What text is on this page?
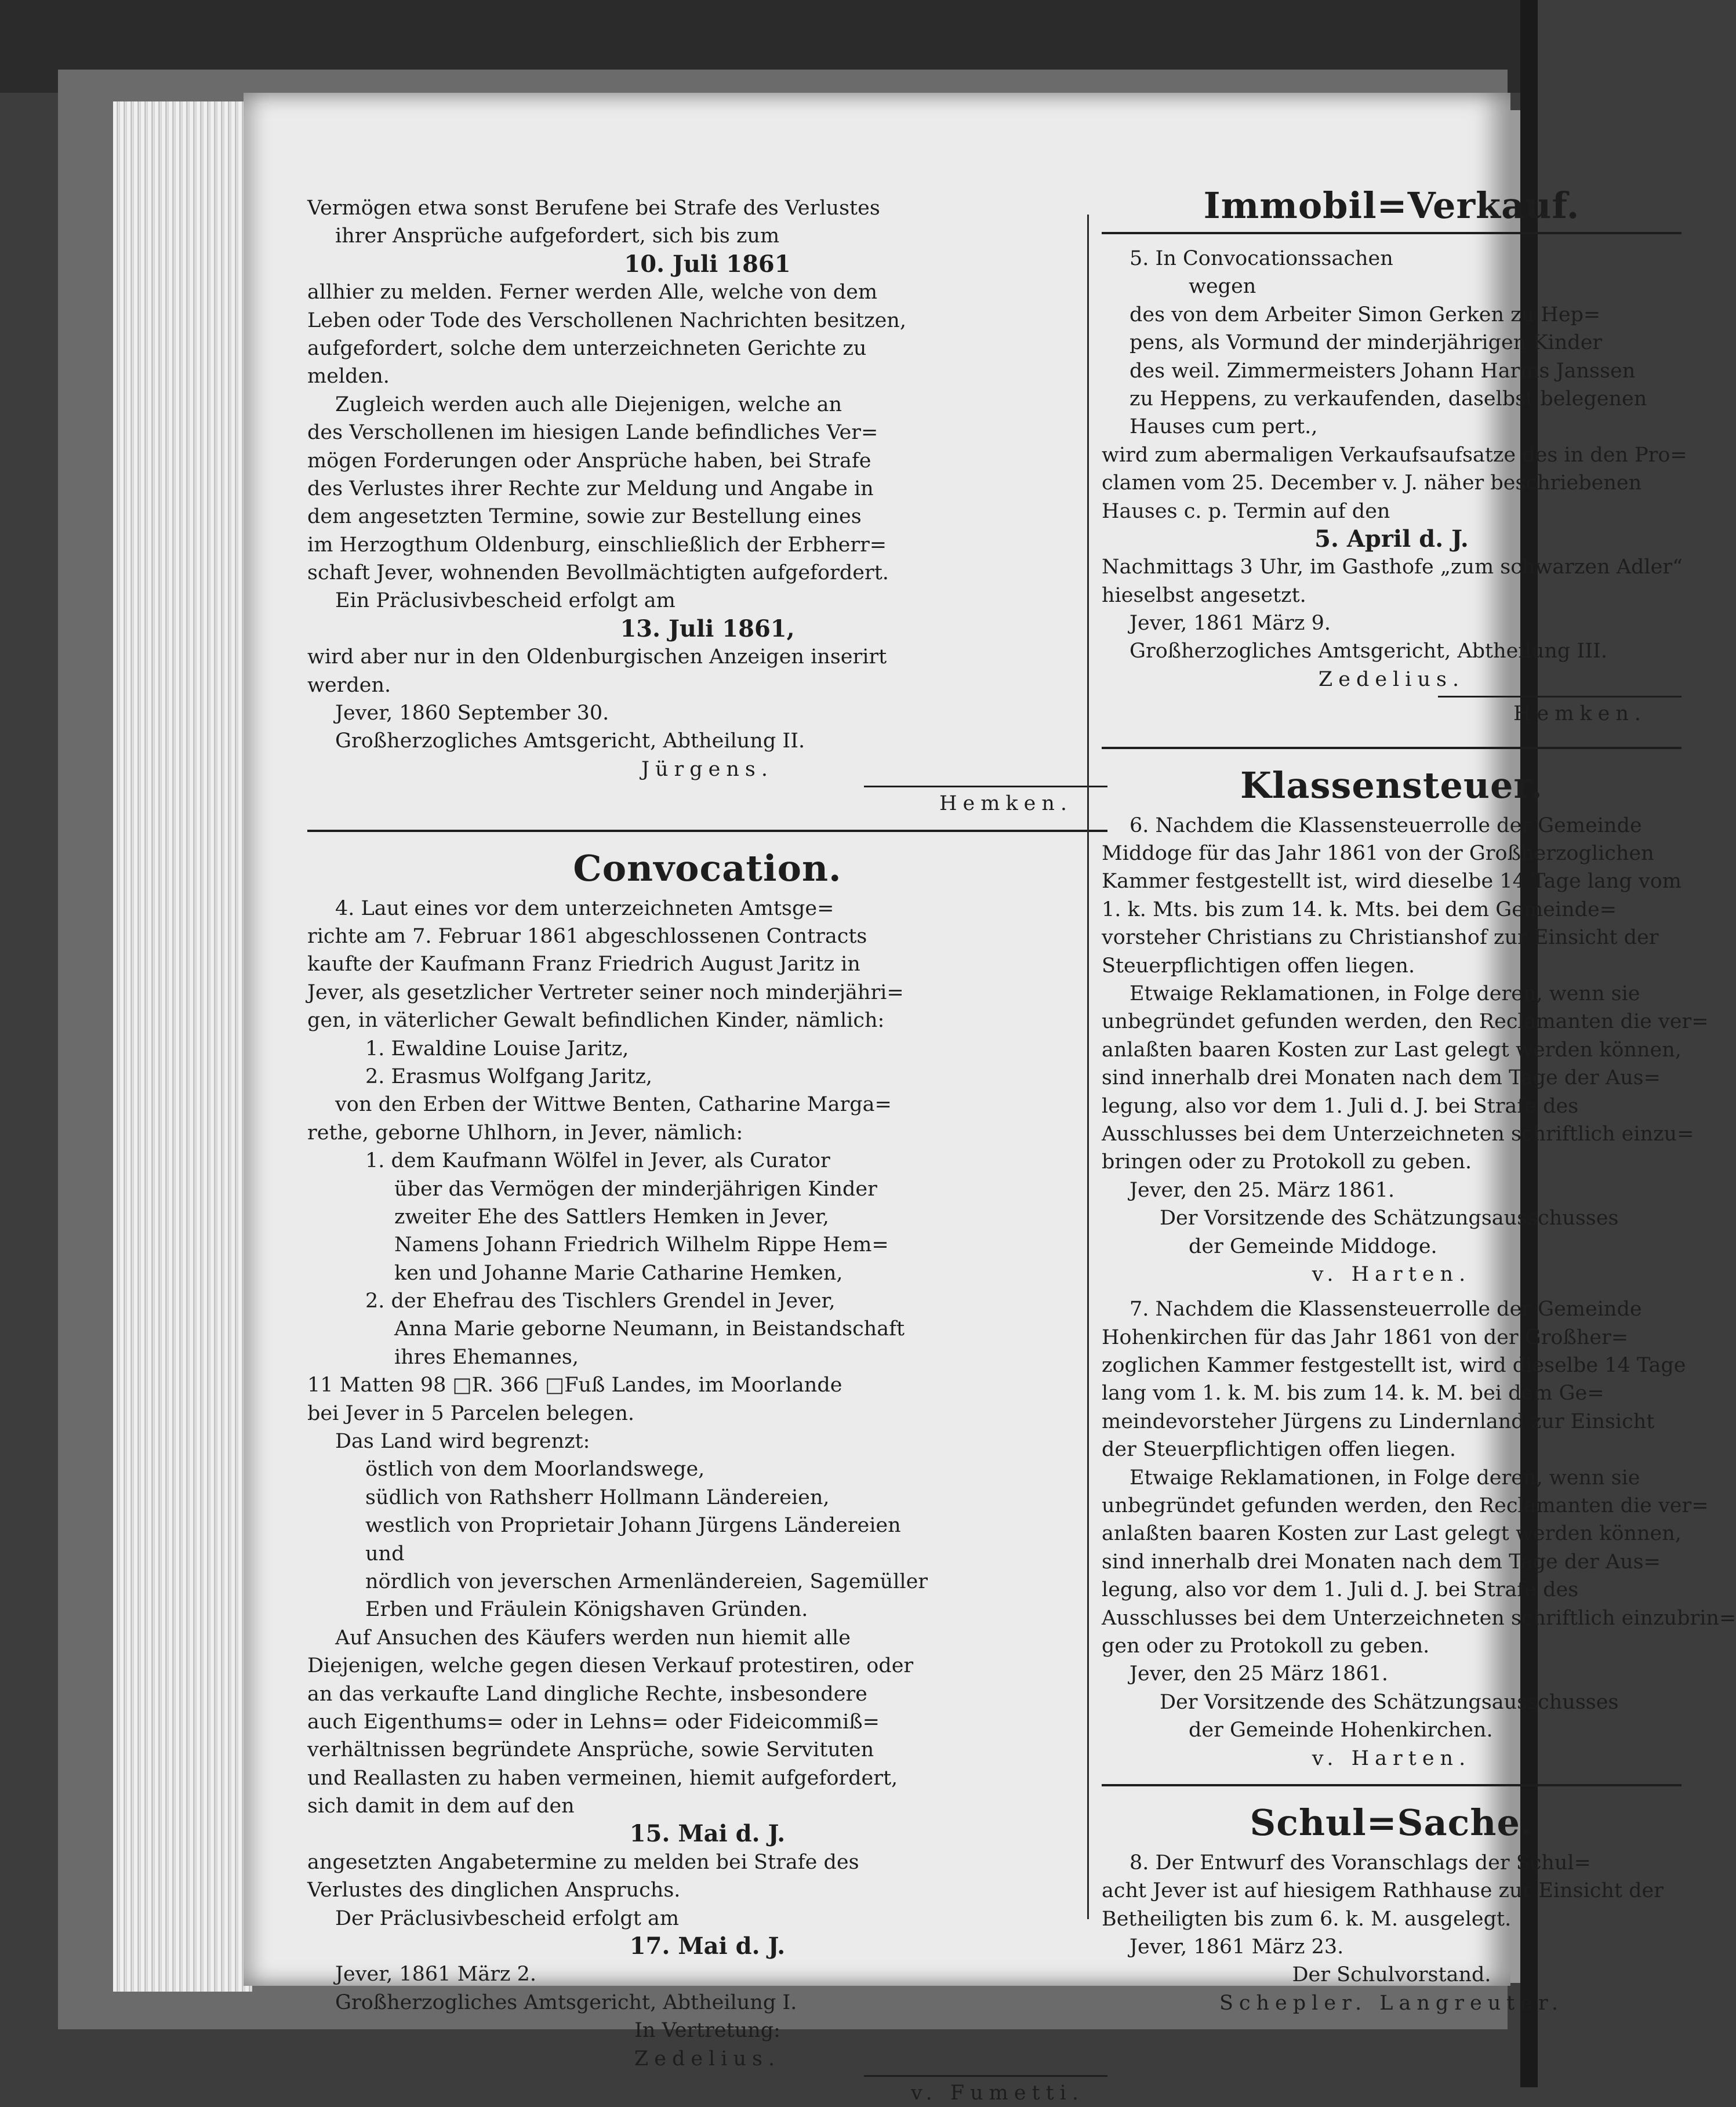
Vermögen etwa sonst Berufene bei Strafe des Verlustes
ihrer Ansprüche aufgefordert, sich bis zum
10. Juli 1861
allhier zu melden. Ferner werden Alle, welche von dem
Leben oder Tode des Verschollenen Nachrichten besitzen,
aufgefordert, solche dem unterzeichneten Gerichte zu
melden.
Zugleich werden auch alle Diejenigen, welche an
des Verschollenen im hiesigen Lande befindliches Ver=
mögen Forderungen oder Ansprüche haben, bei Strafe
des Verlustes ihrer Rechte zur Meldung und Angabe in
dem angesetzten Termine, sowie zur Bestellung eines
im Herzogthum Oldenburg, einschließlich der Erbherr=
schaft Jever, wohnenden Bevollmächtigten aufgefordert.
Ein Präclusivbescheid erfolgt am
13. Juli 1861,
wird aber nur in den Oldenburgischen Anzeigen inserirt
werden.
Jever, 1860 September 30.
Großherzogliches Amtsgericht, Abtheilung II.
Jürgens.
Hemken.
Convocation.
4. Laut eines vor dem unterzeichneten Amtsge=
richte am 7. Februar 1861 abgeschlossenen Contracts
kaufte der Kaufmann Franz Friedrich August Jaritz in
Jever, als gesetzlicher Vertreter seiner noch minderjähri=
gen, in väterlicher Gewalt befindlichen Kinder, nämlich:
1. Ewaldine Louise Jaritz,
2. Erasmus Wolfgang Jaritz,
von den Erben der Wittwe Benten, Catharine Marga=
rethe, geborne Uhlhorn, in Jever, nämlich:
1. dem Kaufmann Wölfel in Jever, als Curator
über das Vermögen der minderjährigen Kinder
zweiter Ehe des Sattlers Hemken in Jever,
Namens Johann Friedrich Wilhelm Rippe Hem=
ken und Johanne Marie Catharine Hemken,
2. der Ehefrau des Tischlers Grendel in Jever,
Anna Marie geborne Neumann, in Beistandschaft
ihres Ehemannes,
11 Matten 98 □R. 366 □Fuß Landes, im Moorlande
bei Jever in 5 Parcelen belegen.
Das Land wird begrenzt:
östlich von dem Moorlandswege,
südlich von Rathsherr Hollmann Ländereien,
westlich von Proprietair Johann Jürgens Ländereien
und
nördlich von jeverschen Armenländereien, Sagemüller
Erben und Fräulein Königshaven Gründen.
Auf Ansuchen des Käufers werden nun hiemit alle
Diejenigen, welche gegen diesen Verkauf protestiren, oder
an das verkaufte Land dingliche Rechte, insbesondere
auch Eigenthums= oder in Lehns= oder Fideicommiß=
verhältnissen begründete Ansprüche, sowie Servituten
und Reallasten zu haben vermeinen, hiemit aufgefordert,
sich damit in dem auf den
15. Mai d. J.
angesetzten Angabetermine zu melden bei Strafe des
Verlustes des dinglichen Anspruchs.
Der Präclusivbescheid erfolgt am
17. Mai d. J.
Jever, 1861 März 2.
Großherzogliches Amtsgericht, Abtheilung I.
In Vertretung:
Zedelius.
v. Fumetti.
Immobil=Verkauf.
5. In Convocationssachen
wegen
des von dem Arbeiter Simon Gerken zu Hep=
pens, als Vormund der minderjährigen Kinder
des weil. Zimmermeisters Johann Harms Janssen
zu Heppens, zu verkaufenden, daselbst belegenen
Hauses cum pert.,
wird zum abermaligen Verkaufsaufsatze des in den Pro=
clamen vom 25. December v. J. näher beschriebenen
Hauses c. p. Termin auf den
5. April d. J.
Nachmittags 3 Uhr, im Gasthofe „zum schwarzen Adler“
hieselbst angesetzt.
Jever, 1861 März 9.
Großherzogliches Amtsgericht, Abtheilung III.
Zedelius.
Hemken.
Klassensteuer.
6. Nachdem die Klassensteuerrolle der Gemeinde
Middoge für das Jahr 1861 von der Großherzoglichen
Kammer festgestellt ist, wird dieselbe 14 Tage lang vom
1. k. Mts. bis zum 14. k. Mts. bei dem Gemeinde=
vorsteher Christians zu Christianshof zur Einsicht der
Steuerpflichtigen offen liegen.
Etwaige Reklamationen, in Folge deren, wenn sie
unbegründet gefunden werden, den Reclamanten die ver=
anlaßten baaren Kosten zur Last gelegt werden können,
sind innerhalb drei Monaten nach dem Tage der Aus=
legung, also vor dem 1. Juli d. J. bei Strafe des
Ausschlusses bei dem Unterzeichneten schriftlich einzu=
bringen oder zu Protokoll zu geben.
Jever, den 25. März 1861.
Der Vorsitzende des Schätzungsausschusses
der Gemeinde Middoge.
v. Harten.
7. Nachdem die Klassensteuerrolle der Gemeinde
Hohenkirchen für das Jahr 1861 von der Großher=
zoglichen Kammer festgestellt ist, wird dieselbe 14 Tage
lang vom 1. k. M. bis zum 14. k. M. bei dem Ge=
meindevorsteher Jürgens zu Lindernland zur Einsicht
der Steuerpflichtigen offen liegen.
Etwaige Reklamationen, in Folge deren, wenn sie
unbegründet gefunden werden, den Reclamanten die ver=
anlaßten baaren Kosten zur Last gelegt werden können,
sind innerhalb drei Monaten nach dem Tage der Aus=
legung, also vor dem 1. Juli d. J. bei Strafe des
Ausschlusses bei dem Unterzeichneten schriftlich einzubrin=
gen oder zu Protokoll zu geben.
Jever, den 25 März 1861.
Der Vorsitzende des Schätzungsausschusses
der Gemeinde Hohenkirchen.
v. Harten.
Schul=Sache.
8. Der Entwurf des Voranschlags der Schul=
acht Jever ist auf hiesigem Rathhause zur Einsicht der
Betheiligten bis zum 6. k. M. ausgelegt.
Jever, 1861 März 23.
Der Schulvorstand.
Schepler. Langreuter.
